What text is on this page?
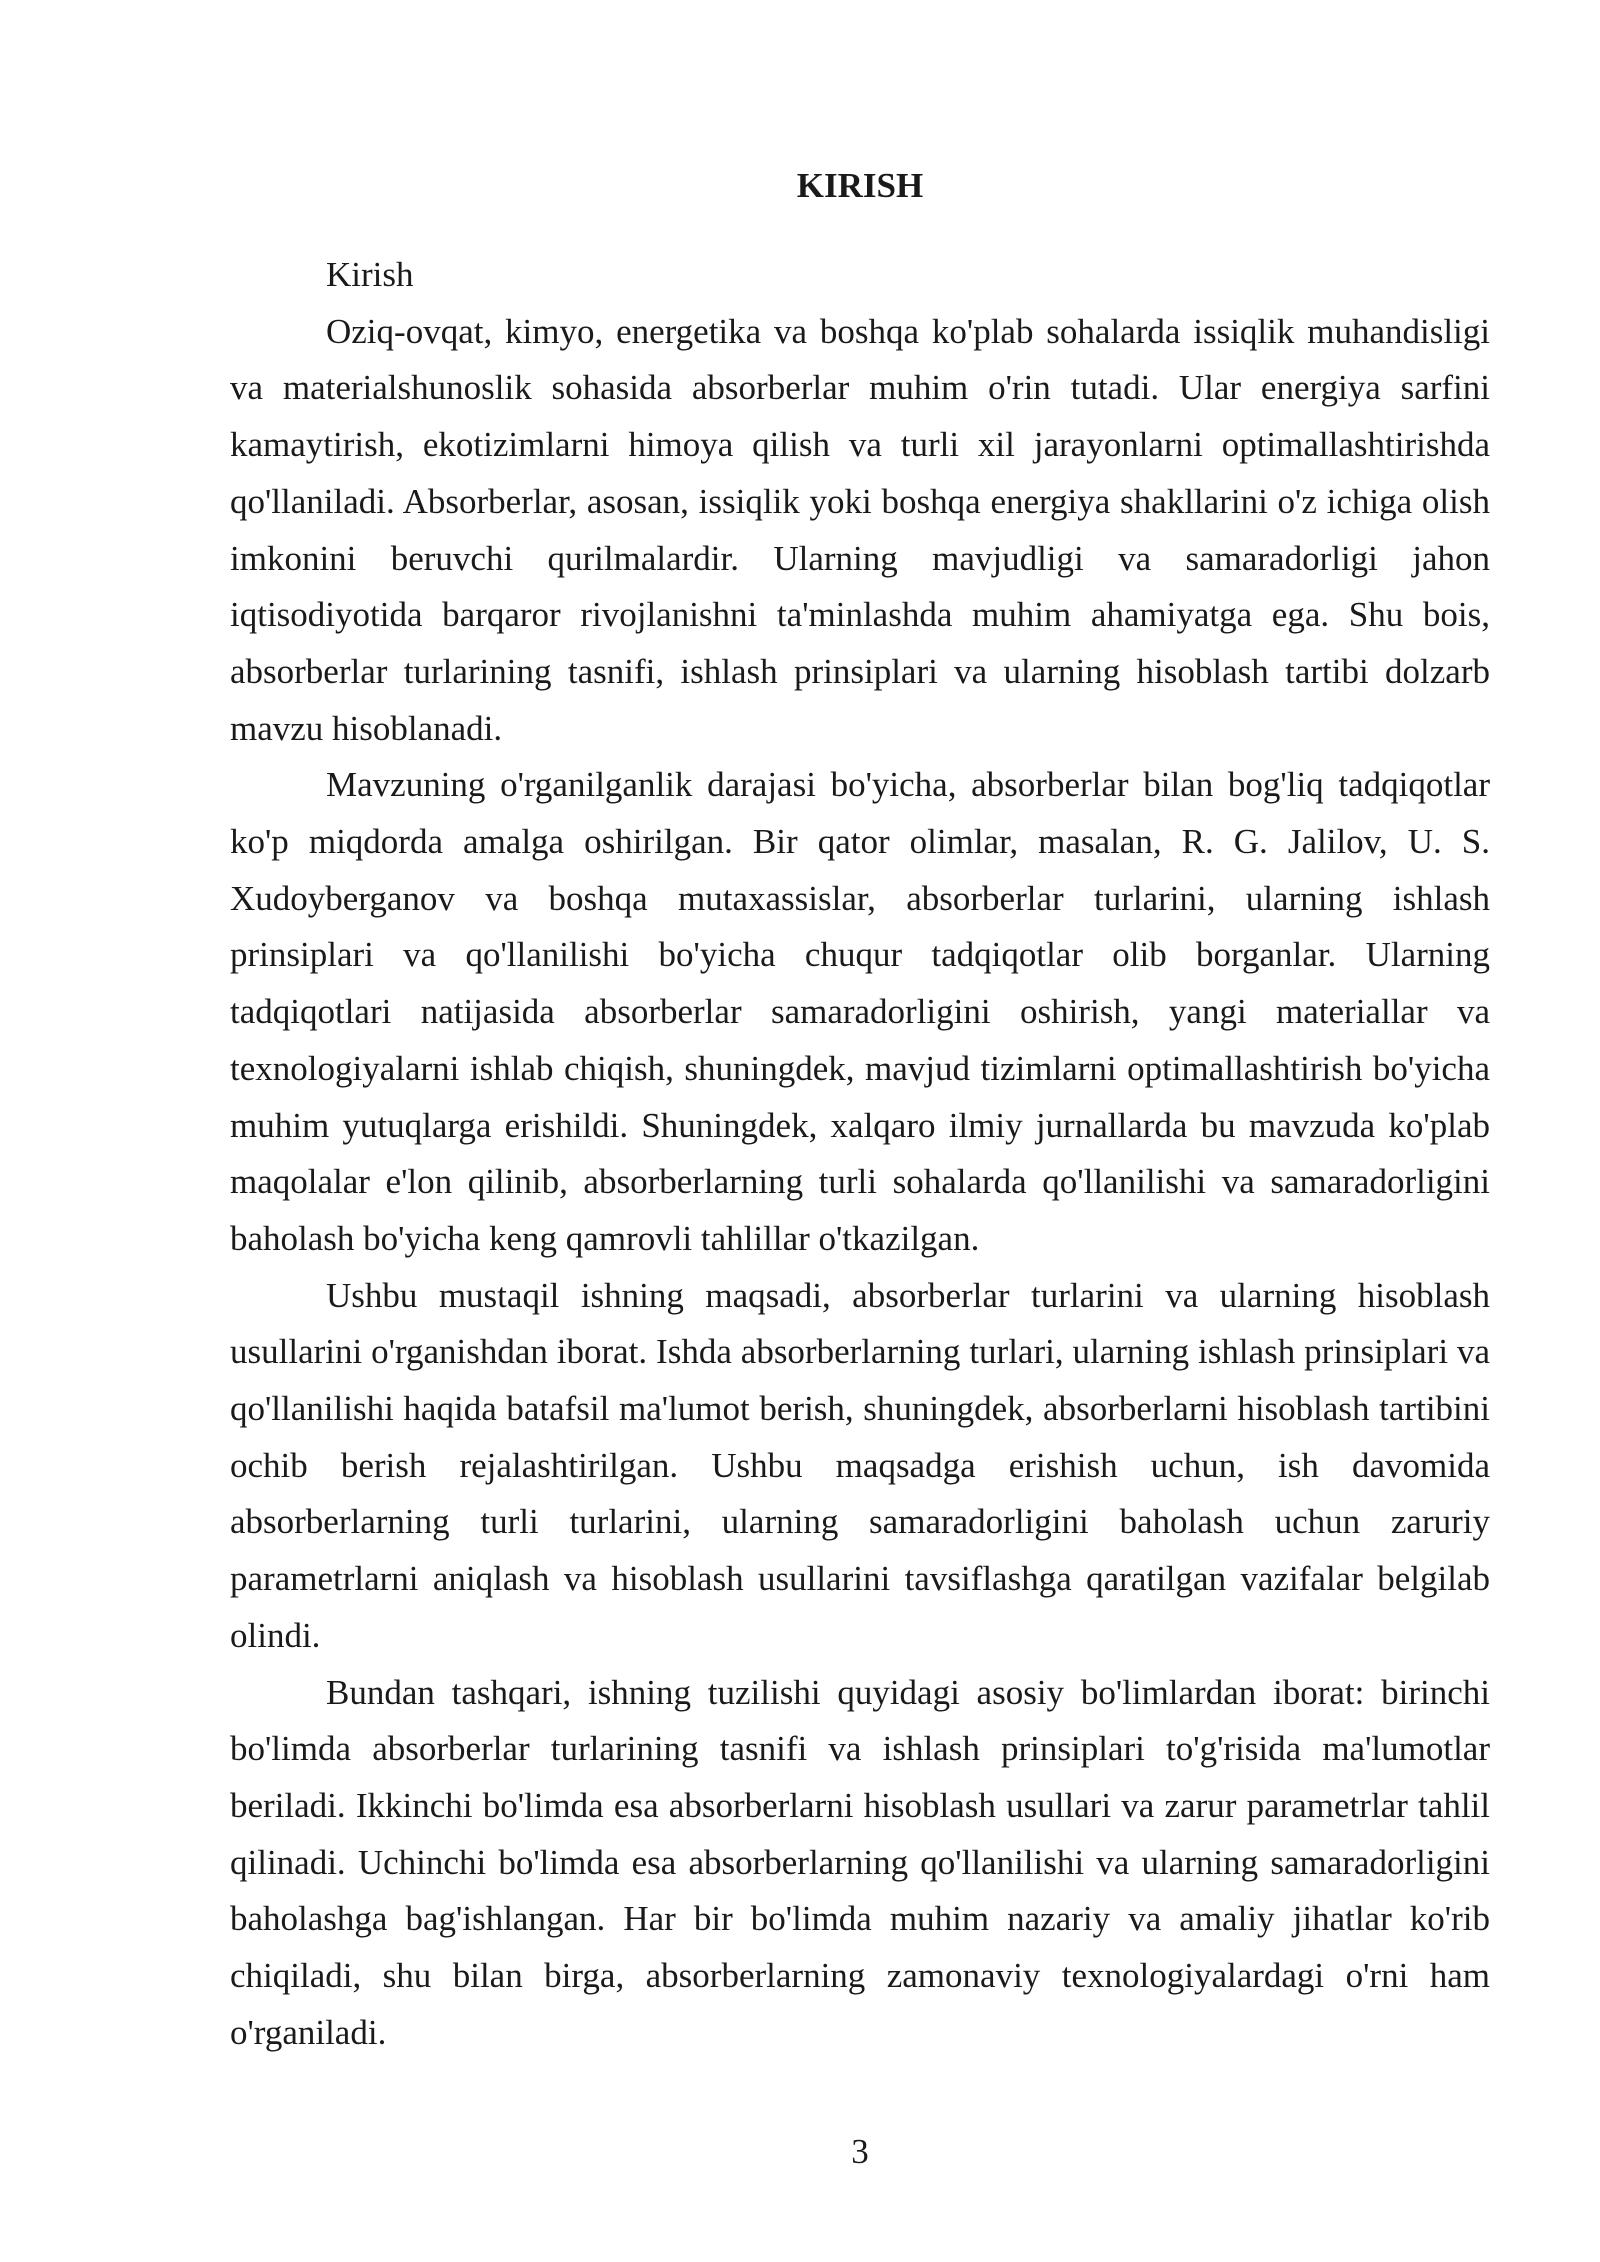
KIRISH

Kirish

Oziq-ovqat, kimyo, energetika va boshqa ko'plab sohalarda issiqlik muhandisligi va materialshunoslik sohasida absorberlar muhim o'rin tutadi. Ular energiya sarfini kamaytirish, ekotizimlarni himoya qilish va turli xil jarayonlarni optimallashtirishda qo'llaniladi. Absorberlar, asosan, issiqlik yoki boshqa energiya shakllarini o'z ichiga olish imkonini beruvchi qurilmalardir. Ularning mavjudligi va samaradorligi jahon iqtisodiyotida barqaror rivojlanishni ta'minlashda muhim ahamiyatga ega. Shu bois, absorberlar turlarining tasnifi, ishlash prinsiplari va ularning hisoblash tartibi dolzarb mavzu hisoblanadi.

Mavzuning o'rganilganlik darajasi bo'yicha, absorberlar bilan bog'liq tadqiqotlar ko'p miqdorda amalga oshirilgan. Bir qator olimlar, masalan, R. G. Jalilov, U. S. Xudoyberganov va boshqa mutaxassislar, absorberlar turlarini, ularning ishlash prinsiplari va qo'llanilishi bo'yicha chuqur tadqiqotlar olib borganlar. Ularning tadqiqotlari natijasida absorberlar samaradorligini oshirish, yangi materiallar va texnologiyalarni ishlab chiqish, shuningdek, mavjud tizimlarni optimallashtirish bo'yicha muhim yutuqlarga erishildi. Shuningdek, xalqaro ilmiy jurnallarda bu mavzuda ko'plab maqolalar e'lon qilinib, absorberlarning turli sohalarda qo'llanilishi va samaradorligini baholash bo'yicha keng qamrovli tahlillar o'tkazilgan.

Ushbu mustaqil ishning maqsadi, absorberlar turlarini va ularning hisoblash usullarini o'rganishdan iborat. Ishda absorberlarning turlari, ularning ishlash prinsiplari va qo'llanilishi haqida batafsil ma'lumot berish, shuningdek, absorberlarni hisoblash tartibini ochib berish rejalashtirilgan. Ushbu maqsadga erishish uchun, ish davomida absorberlarning turli turlarini, ularning samaradorligini baholash uchun zaruriy parametrlarni aniqlash va hisoblash usullarini tavsiflashga qaratilgan vazifalar belgilab olindi.

Bundan tashqari, ishning tuzilishi quyidagi asosiy bo'limlardan iborat: birinchi bo'limda absorberlar turlarining tasnifi va ishlash prinsiplari to'g'risida ma'lumotlar beriladi. Ikkinchi bo'limda esa absorberlarni hisoblash usullari va zarur parametrlar tahlil qilinadi. Uchinchi bo'limda esa absorberlarning qo'llanilishi va ularning samaradorligini baholashga bag'ishlangan. Har bir bo'limda muhim nazariy va amaliy jihatlar ko'rib chiqiladi, shu bilan birga, absorberlarning zamonaviy texnologiyalardagi o'rni ham o'rganiladi.

3
